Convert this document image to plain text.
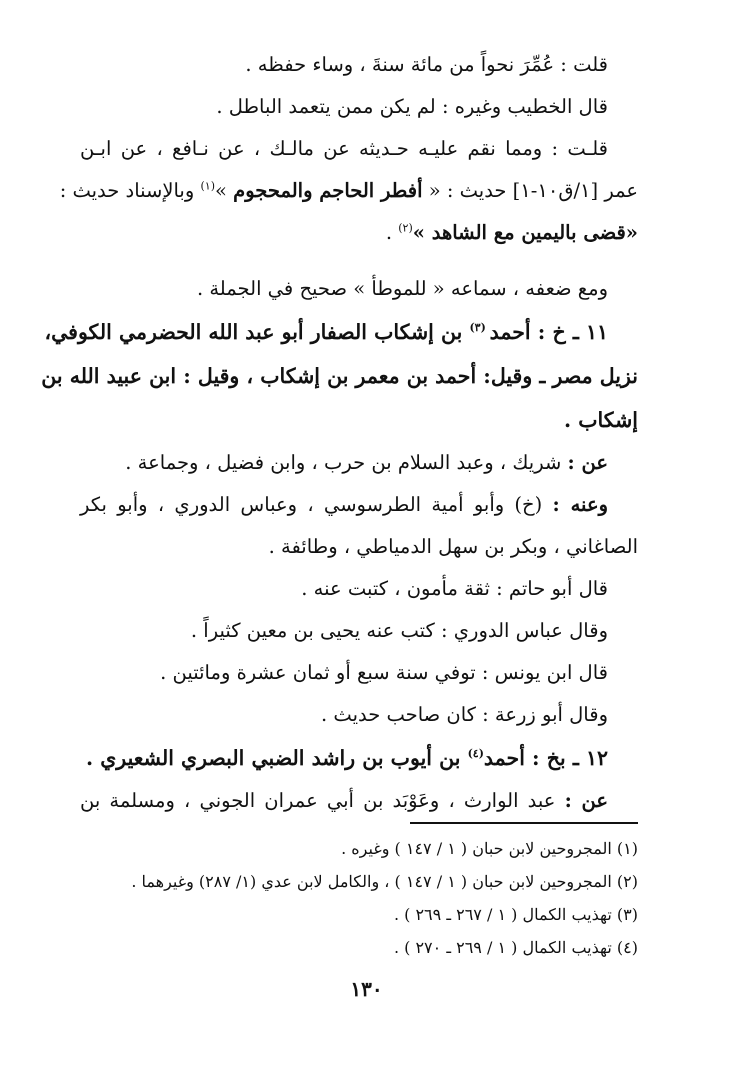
قلت : عُمِّرَ نحواً من مائة سنةَ ، وساء حفظه .
قال الخطيب وغيره : لم يكن ممن يتعمد الباطل .
قلـت : ومما نقم عليـه حـديثه عن مالـك ، عن نـافع ، عن ابـن
عمر [١/ق١٠-١] حديث : « أفطر الحاجم والمحجوم »$^{(١)}$ وبالإسناد حديث :
«قضى باليمين مع الشاهد »$^{(٢)}$ .
ومع ضعفه ، سماعه « للموطأ » صحيح في الجملة .
١١ ـ خ : أحمد $^{(٣)}$ بن إشكاب الصفار أبو عبد الله الحضرمي الكوفي،
نزيل مصر ـ وقيل: أحمد بن معمر بن إشكاب ، وقيل : ابن عبيد الله بن
إشكاب .
عن : شريك ، وعبد السلام بن حرب ، وابن فضيل ، وجماعة .
وعنه : (خ) وأبو أمية الطرسوسي ، وعباس الدوري ، وأبو بكر
الصاغاني ، وبكر بن سهل الدمياطي ، وطائفة .
قال أبو حاتم : ثقة مأمون ، كتبت عنه .
وقال عباس الدوري : كتب عنه يحيى بن معين كثيراً .
قال ابن يونس : توفي سنة سبع أو ثمان عشرة ومائتين .
وقال أبو زرعة : كان صاحب حديث .
١٢ ـ بخ : أحمد$^{(٤)}$ بن أيوب بن راشد الضبي البصري الشعيري .
عن : عبد الوارث ، وعَوْبَد بن أبي عمران الجوني ، ومسلمة بن
(١) المجروحين لابن حبان ( ١ / ١٤٧ ) وغيره .
(٢) المجروحين لابن حبان ( ١ / ١٤٧ ) ، والكامل لابن عدي (١/ ٢٨٧) وغيرهما .
(٣) تهذيب الكمال ( ١ / ٢٦٧ ـ ٢٦٩ ) .
(٤) تهذيب الكمال ( ١ / ٢٦٩ ـ ٢٧٠ ) .
١٣٠
